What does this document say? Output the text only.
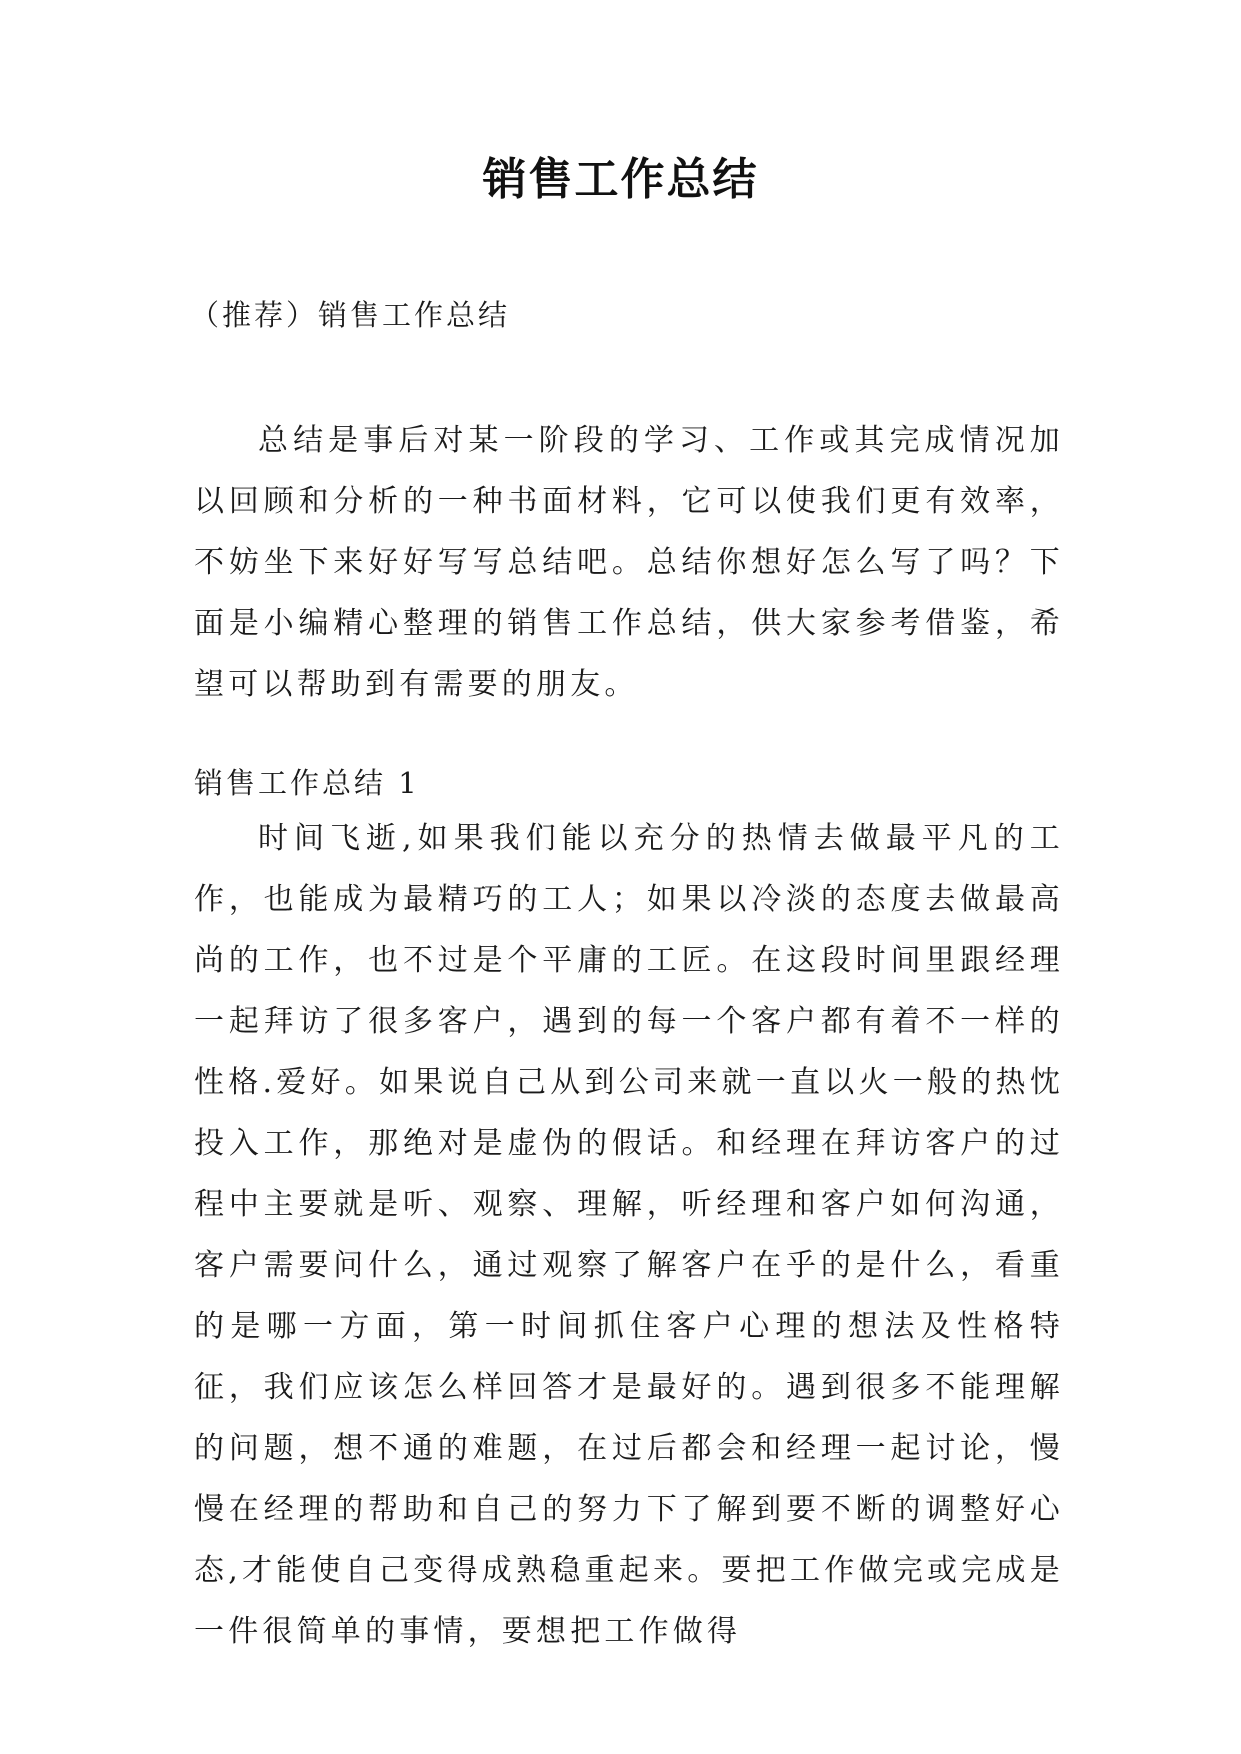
销售工作总结

（推荐）销售工作总结

总结是事后对某一阶段的学习、工作或其完成情况加以回顾和分析的一种书面材料，它可以使我们更有效率，不妨坐下来好好写写总结吧。总结你想好怎么写了吗？下面是小编精心整理的销售工作总结，供大家参考借鉴，希望可以帮助到有需要的朋友。

销售工作总结 1

时间飞逝,如果我们能以充分的热情去做最平凡的工作，也能成为最精巧的工人；如果以冷淡的态度去做最高尚的工作，也不过是个平庸的工匠。在这段时间里跟经理一起拜访了很多客户，遇到的每一个客户都有着不一样的性格.爱好。如果说自己从到公司来就一直以火一般的热忱投入工作，那绝对是虚伪的假话。和经理在拜访客户的过程中主要就是听、观察、理解，听经理和客户如何沟通，客户需要问什么，通过观察了解客户在乎的是什么，看重的是哪一方面，第一时间抓住客户心理的想法及性格特征，我们应该怎么样回答才是最好的。遇到很多不能理解的问题，想不通的难题，在过后都会和经理一起讨论，慢慢在经理的帮助和自己的努力下了解到要不断的调整好心态,才能使自己变得成熟稳重起来。要把工作做完或完成是一件很简单的事情，要想把工作做得
